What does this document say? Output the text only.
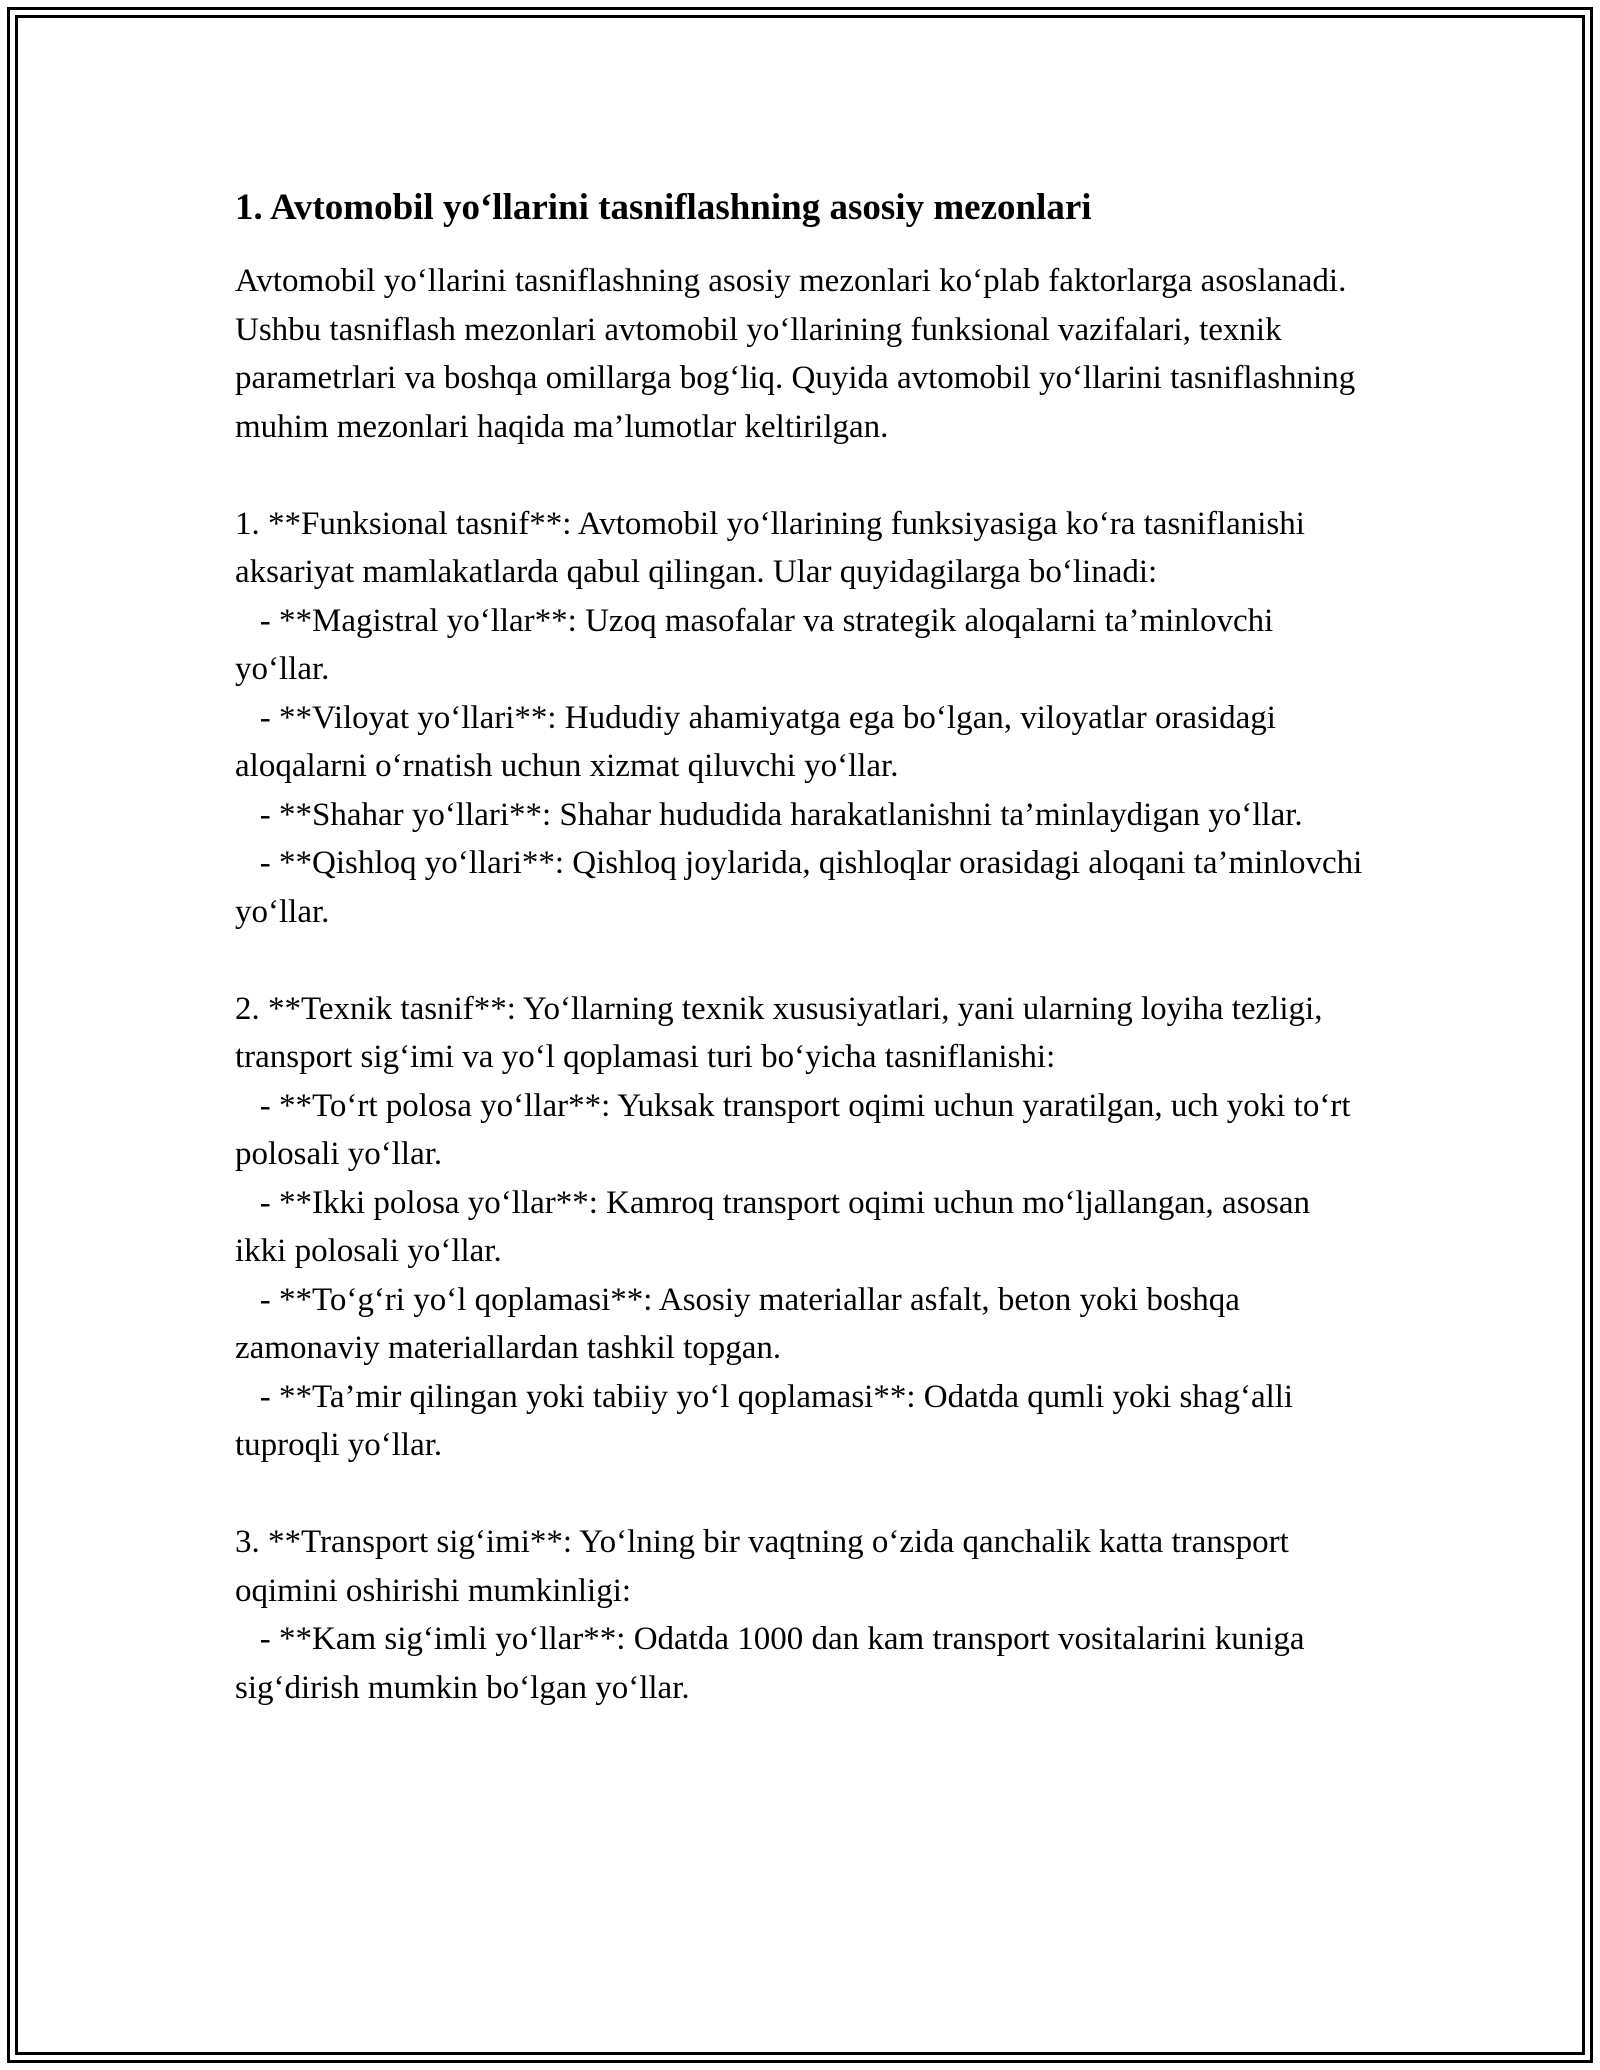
1. Avtomobil yo‘llarini tasniflashning asosiy mezonlari

Avtomobil yo‘llarini tasniflashning asosiy mezonlari ko‘plab faktorlarga asoslanadi. Ushbu tasniflash mezonlari avtomobil yo‘llarining funksional vazifalari, texnik parametrlari va boshqa omillarga bog‘liq. Quyida avtomobil yo‘llarini tasniflashning muhim mezonlari haqida ma’lumotlar keltirilgan.

1. **Funksional tasnif**: Avtomobil yo‘llarining funksiyasiga ko‘ra tasniflanishi aksariyat mamlakatlarda qabul qilingan. Ular quyidagilarga bo‘linadi:

- **Magistral yo‘llar**: Uzoq masofalar va strategik aloqalarni ta’minlovchi yo‘llar.

- **Viloyat yo‘llari**: Hududiy ahamiyatga ega bo‘lgan, viloyatlar orasidagi aloqalarni o‘rnatish uchun xizmat qiluvchi yo‘llar.

- **Shahar yo‘llari**: Shahar hududida harakatlanishni ta’minlaydigan yo‘llar.

- **Qishloq yo‘llari**: Qishloq joylarida, qishloqlar orasidagi aloqani ta’minlovchi yo‘llar.

2. **Texnik tasnif**: Yo‘llarning texnik xususiyatlari, yani ularning loyiha tezligi, transport sig‘imi va yo‘l qoplamasi turi bo‘yicha tasniflanishi:

- **To‘rt polosa yo‘llar**: Yuksak transport oqimi uchun yaratilgan, uch yoki to‘rt polosali yo‘llar.

- **Ikki polosa yo‘llar**: Kamroq transport oqimi uchun mo‘ljallangan, asosan ikki polosali yo‘llar.

- **To‘g‘ri yo‘l qoplamasi**: Asosiy materiallar asfalt, beton yoki boshqa zamonaviy materiallardan tashkil topgan.

- **Ta’mir qilingan yoki tabiiy yo‘l qoplamasi**: Odatda qumli yoki shag‘alli tuproqli yo‘llar.

3. **Transport sig‘imi**: Yo‘lning bir vaqtning o‘zida qanchalik katta transport oqimini oshirishi mumkinligi:

- **Kam sig‘imli yo‘llar**: Odatda 1000 dan kam transport vositalarini kuniga sig‘dirish mumkin bo‘lgan yo‘llar.
